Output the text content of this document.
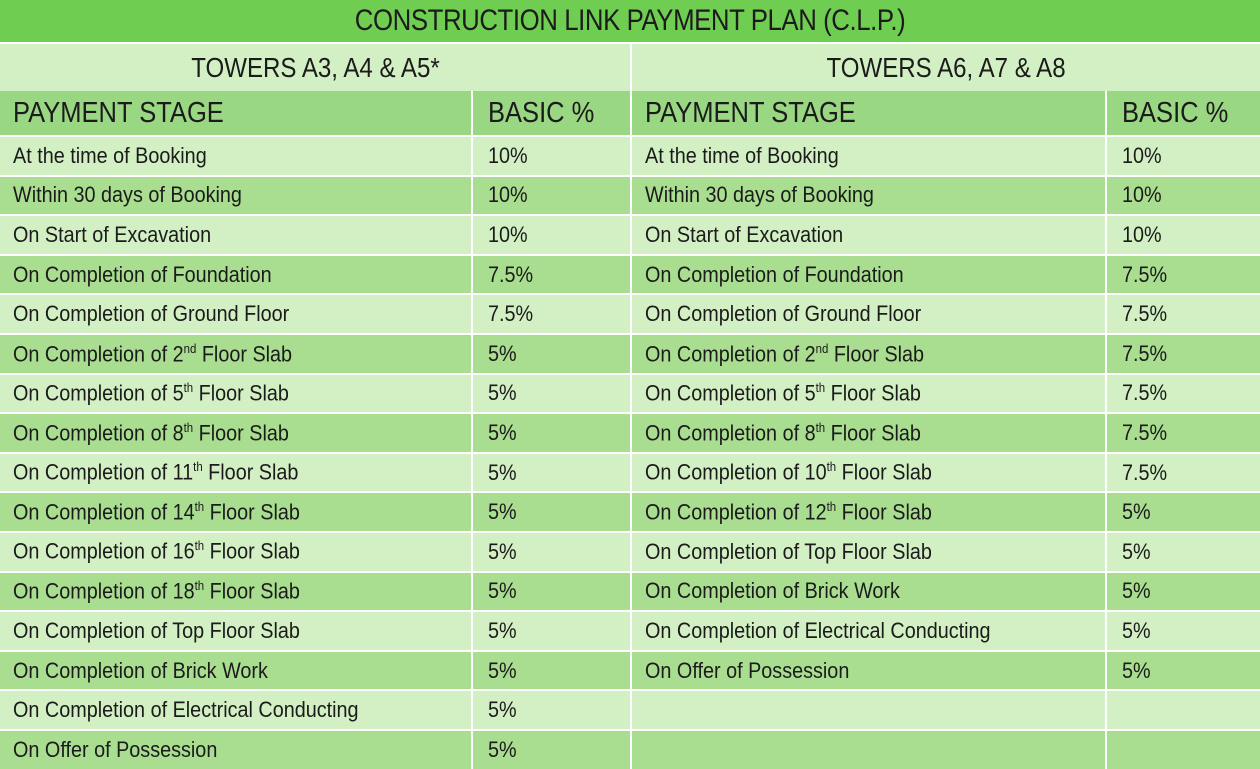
CONSTRUCTION LINK PAYMENT PLAN (C.L.P.)
TOWERS A3, A4 & A5*
PAYMENT STAGE	BASIC %
At the time of Booking	10%
Within 30 days of Booking	10%
On Start of Excavation	10%
On Completion of Foundation	7.5%
On Completion of Ground Floor	7.5%
On Completion of 2nd Floor Slab	5%
On Completion of 5th Floor Slab	5%
On Completion of 8th Floor Slab	5%
On Completion of 11th Floor Slab	5%
On Completion of 14th Floor Slab	5%
On Completion of 16th Floor Slab	5%
On Completion of 18th Floor Slab	5%
On Completion of Top Floor Slab	5%
On Completion of Brick Work	5%
On Completion of Electrical Conducting	5%
On Offer of Possession	5%
TOWERS A6, A7 & A8
PAYMENT STAGE	BASIC %
At the time of Booking	10%
Within 30 days of Booking	10%
On Start of Excavation	10%
On Completion of Foundation	7.5%
On Completion of Ground Floor	7.5%
On Completion of 2nd Floor Slab	7.5%
On Completion of 5th Floor Slab	7.5%
On Completion of 8th Floor Slab	7.5%
On Completion of 10th Floor Slab	7.5%
On Completion of 12th Floor Slab	5%
On Completion of Top Floor Slab	5%
On Completion of Brick Work	5%
On Completion of Electrical Conducting	5%
On Offer of Possession	5%
